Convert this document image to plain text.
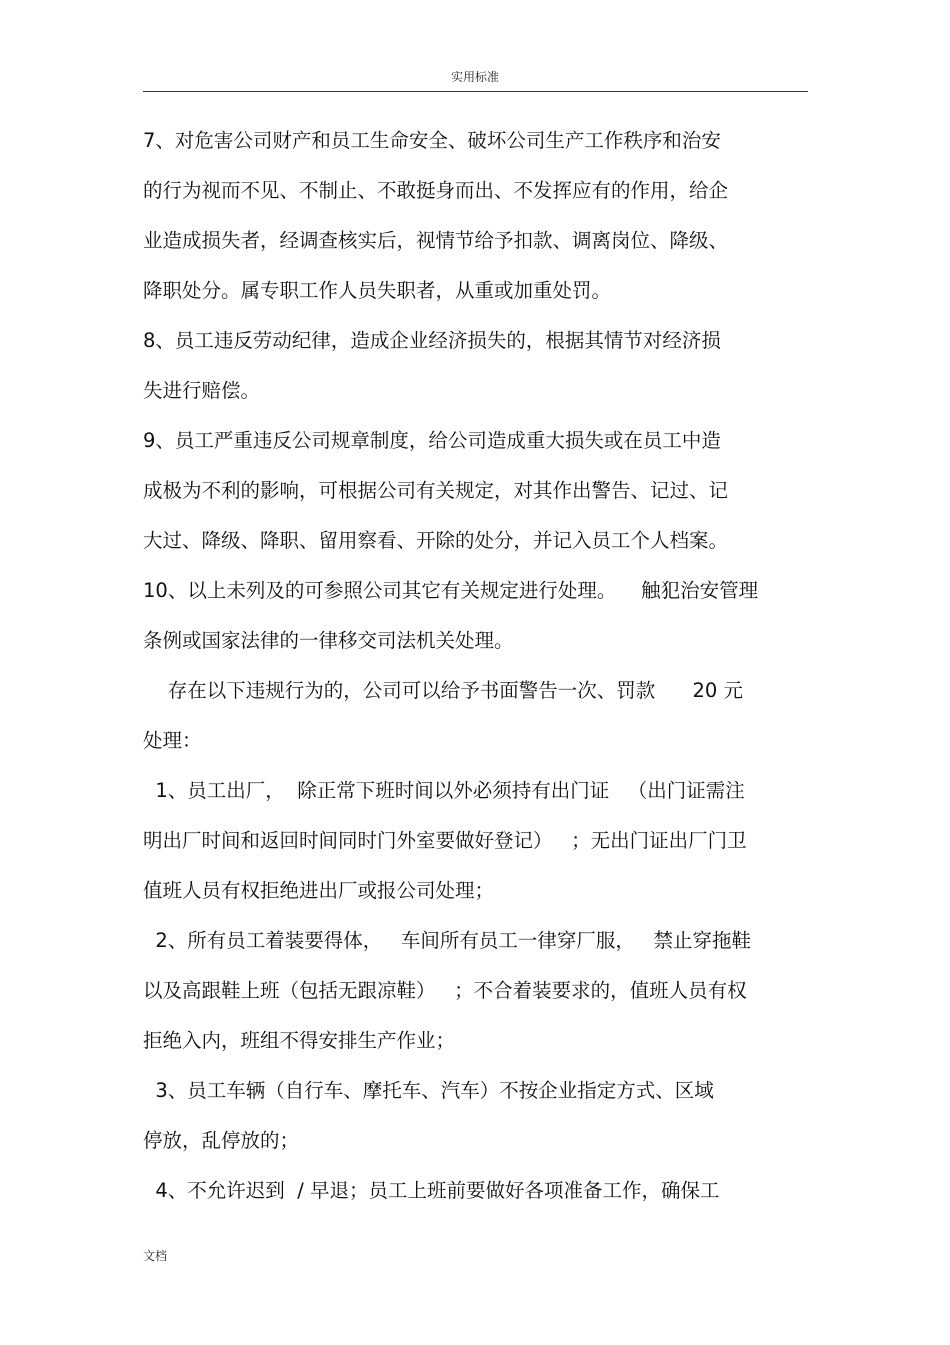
实用标准
7、对危害公司财产和员工生命安全、破坏公司生产工作秩序和治安
的行为视而不见、不制止、不敢挺身而出、不发挥应有的作用，给企
业造成损失者，经调查核实后，视情节给予扣款、调离岗位、降级、
降职处分。属专职工作人员失职者，从重或加重处罚。
8、员工违反劳动纪律，造成企业经济损失的，根据其情节对经济损
失进行赔偿。
9、员工严重违反公司规章制度，给公司造成重大损失或在员工中造
成极为不利的影响，可根据公司有关规定，对其作出警告、记过、记
大过、降级、降职、留用察看、开除的处分，并记入员工个人档案。
10、以上未列及的可参照公司其它有关规定进行处理。    触犯治安管理
条例或国家法律的一律移交司法机关处理。
存在以下违规行为的，公司可以给予书面警告一次、罚款      20 元
处理：
1、员工出厂，  除正常下班时间以外必须持有出门证   （出门证需注
明出厂时间和返回时间同时门外室要做好登记）   ；无出门证出厂门卫
值班人员有权拒绝进出厂或报公司处理；
2、所有员工着装要得体，   车间所有员工一律穿厂服，   禁止穿拖鞋
以及高跟鞋上班（包括无跟凉鞋）   ；不合着装要求的，值班人员有权
拒绝入内，班组不得安排生产作业；
3、员工车辆（自行车、摩托车、汽车）不按企业指定方式、区域
停放，乱停放的；
4、不允许迟到  / 早退；员工上班前要做好各项准备工作，确保工
文档
